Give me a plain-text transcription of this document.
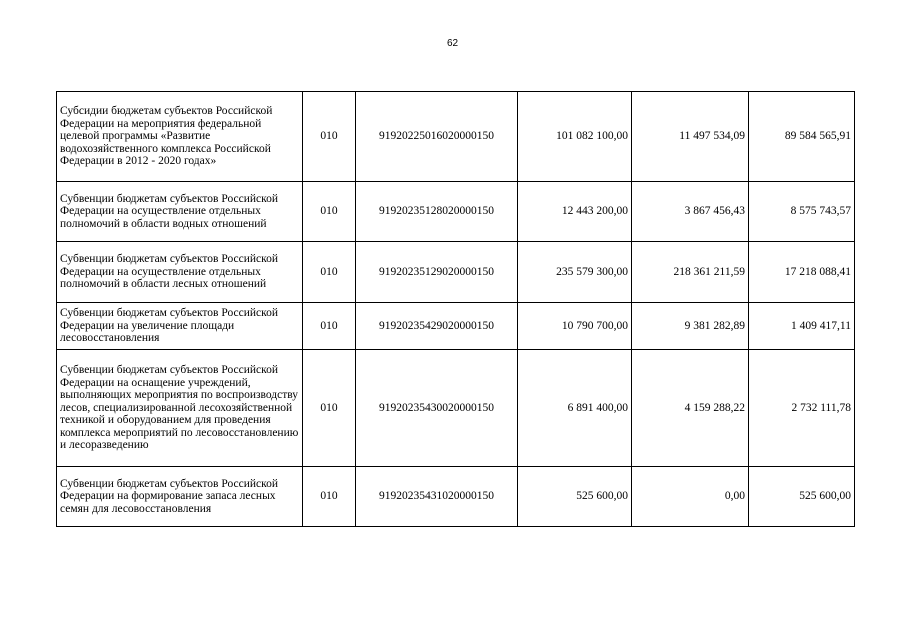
62
Субсидии бюджетам субъектов Российской Федерации на мероприятия федеральной целевой программы «Развитие водохозяйственного комплекса Российской Федерации в 2012 - 2020 годах»	010	91920225016020000150	101 082 100,00	11 497 534,09	89 584 565,91
Субвенции бюджетам субъектов Российской Федерации на осуществление отдельных полномочий в области водных отношений	010	91920235128020000150	12 443 200,00	3 867 456,43	8 575 743,57
Субвенции бюджетам субъектов Российской Федерации на осуществление отдельных полномочий в области лесных отношений	010	91920235129020000150	235 579 300,00	218 361 211,59	17 218 088,41
Субвенции бюджетам субъектов Российской Федерации на увеличение площади лесовосстановления	010	91920235429020000150	10 790 700,00	9 381 282,89	1 409 417,11
Субвенции бюджетам субъектов Российской Федерации на оснащение учреждений, выполняющих мероприятия по воспроизводству лесов, специализированной лесохозяйственной техникой и оборудованием для проведения комплекса мероприятий по лесовосстановлению и лесоразведению	010	91920235430020000150	6 891 400,00	4 159 288,22	2 732 111,78
Субвенции бюджетам субъектов Российской Федерации на формирование запаса лесных семян для лесовосстановления	010	91920235431020000150	525 600,00	0,00	525 600,00
